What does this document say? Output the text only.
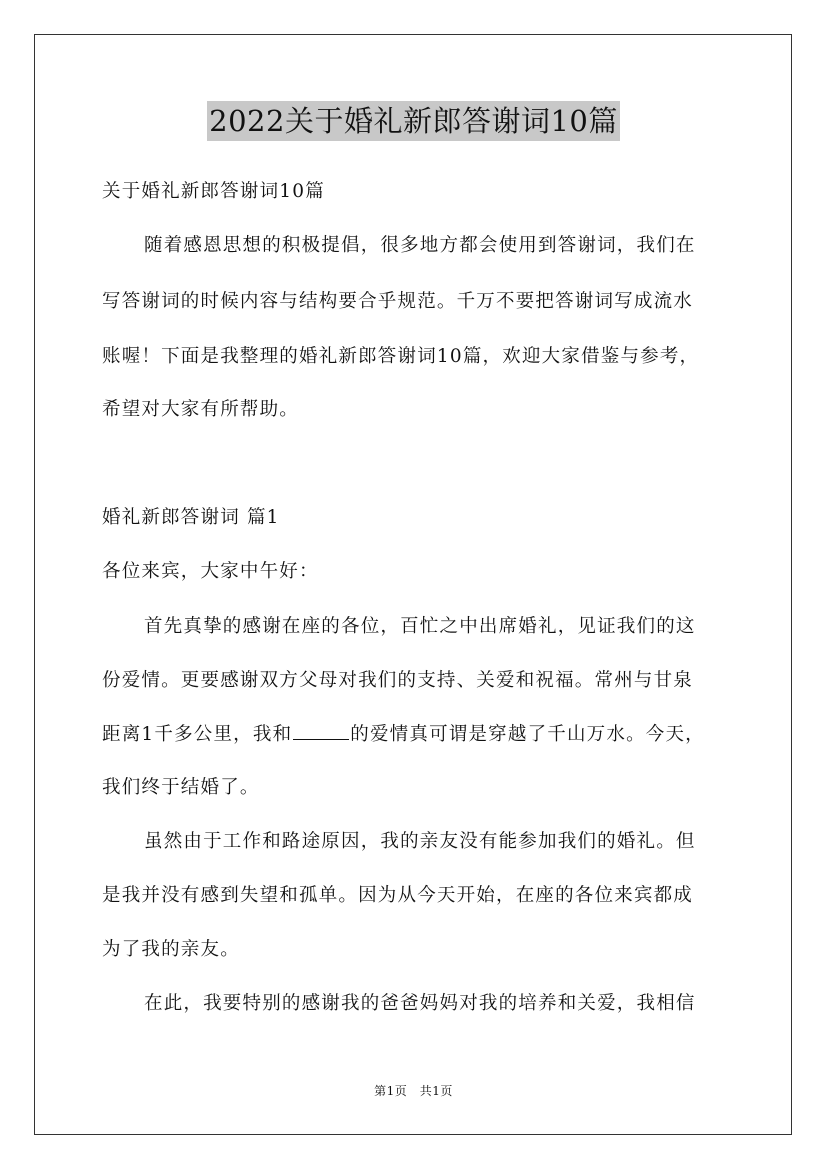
2022关于婚礼新郎答谢词10篇
关于婚礼新郎答谢词10篇
随着感恩思想的积极提倡，很多地方都会使用到答谢词，我们在
写答谢词的时候内容与结构要合乎规范。千万不要把答谢词写成流水
账喔！下面是我整理的婚礼新郎答谢词10篇，欢迎大家借鉴与参考，
希望对大家有所帮助。
婚礼新郎答谢词 篇1
各位来宾，大家中午好：
首先真挚的感谢在座的各位，百忙之中出席婚礼，见证我们的这
份爱情。更要感谢双方父母对我们的支持、关爱和祝福。常州与甘泉
距离1千多公里，我和	的爱情真可谓是穿越了千山万水。今天，
我们终于结婚了。
虽然由于工作和路途原因，我的亲友没有能参加我们的婚礼。但
是我并没有感到失望和孤单。因为从今天开始，在座的各位来宾都成
为了我的亲友。
在此，我要特别的感谢我的爸爸妈妈对我的培养和关爱，我相信
第1页　共1页
